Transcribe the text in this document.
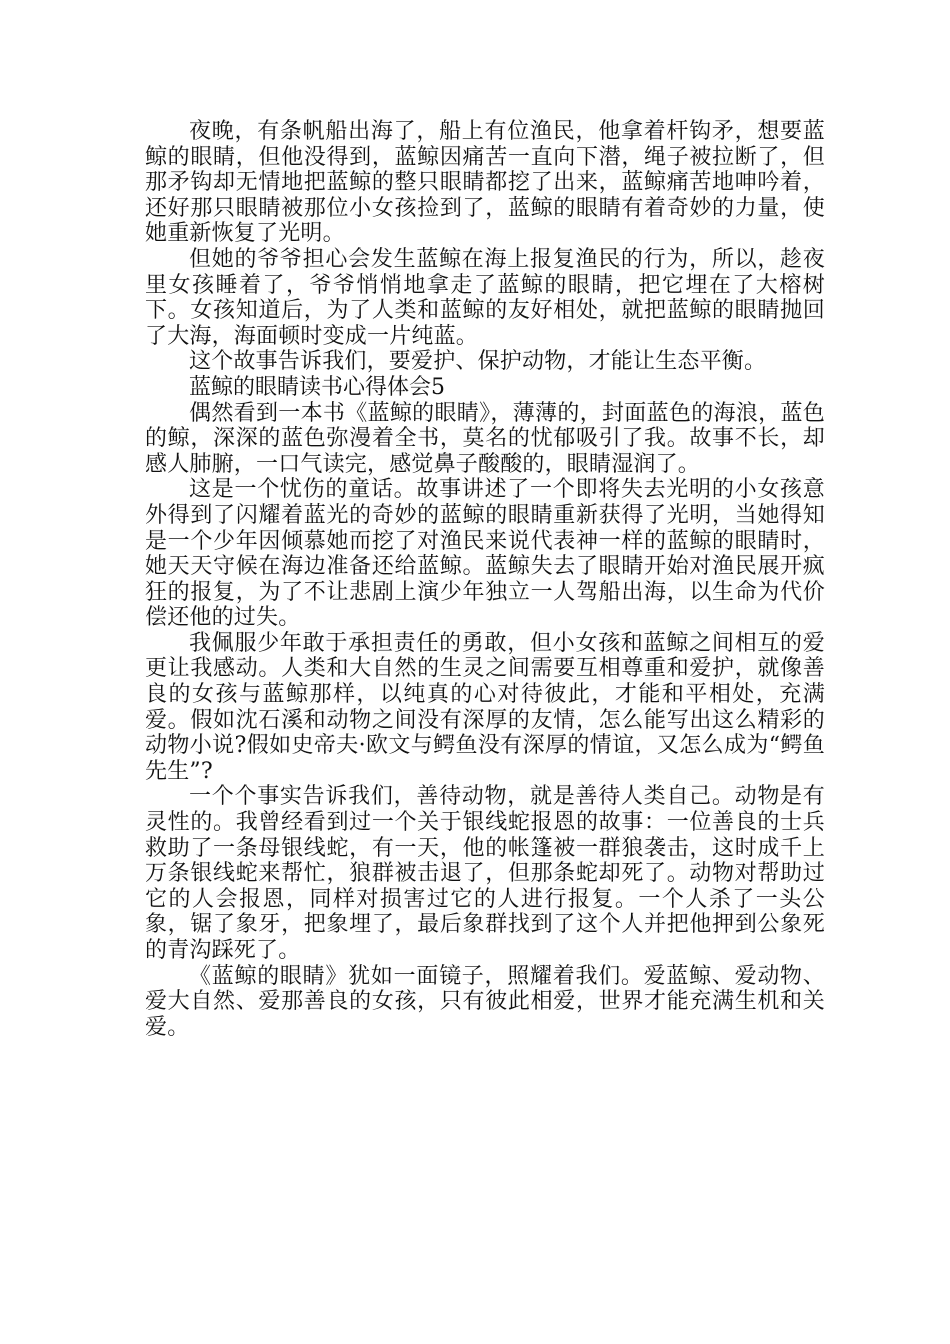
夜晚，有条帆船出海了，船上有位渔民，他拿着杆钩矛，想要蓝鲸的眼睛，但他没得到，蓝鲸因痛苦一直向下潜，绳子被拉断了，但那矛钩却无情地把蓝鲸的整只眼睛都挖了出来，蓝鲸痛苦地呻吟着，还好那只眼睛被那位小女孩捡到了，蓝鲸的眼睛有着奇妙的力量，使她重新恢复了光明。

但她的爷爷担心会发生蓝鲸在海上报复渔民的行为，所以，趁夜里女孩睡着了，爷爷悄悄地拿走了蓝鲸的眼睛，把它埋在了大榕树下。女孩知道后，为了人类和蓝鲸的友好相处，就把蓝鲸的眼睛抛回了大海，海面顿时变成一片纯蓝。

这个故事告诉我们，要爱护、保护动物，才能让生态平衡。

蓝鲸的眼睛读书心得体会5

偶然看到一本书《蓝鲸的眼睛》，薄薄的，封面蓝色的海浪，蓝色的鲸，深深的蓝色弥漫着全书，莫名的忧郁吸引了我。故事不长，却感人肺腑，一口气读完，感觉鼻子酸酸的，眼睛湿润了。

这是一个忧伤的童话。故事讲述了一个即将失去光明的小女孩意外得到了闪耀着蓝光的奇妙的蓝鲸的眼睛重新获得了光明，当她得知是一个少年因倾慕她而挖了对渔民来说代表神一样的蓝鲸的眼睛时，她天天守候在海边准备还给蓝鲸。蓝鲸失去了眼睛开始对渔民展开疯狂的报复，为了不让悲剧上演少年独立一人驾船出海，以生命为代价偿还他的过失。

我佩服少年敢于承担责任的勇敢，但小女孩和蓝鲸之间相互的爱更让我感动。人类和大自然的生灵之间需要互相尊重和爱护，就像善良的女孩与蓝鲸那样，以纯真的心对待彼此，才能和平相处，充满爱。假如沈石溪和动物之间没有深厚的友情，怎么能写出这么精彩的动物小说?假如史帝夫·欧文与鳄鱼没有深厚的情谊，又怎么成为“鳄鱼先生”?

一个个事实告诉我们，善待动物，就是善待人类自己。动物是有灵性的。我曾经看到过一个关于银线蛇报恩的故事：一位善良的士兵救助了一条母银线蛇，有一天，他的帐篷被一群狼袭击，这时成千上万条银线蛇来帮忙，狼群被击退了，但那条蛇却死了。动物对帮助过它的人会报恩，同样对损害过它的人进行报复。一个人杀了一头公象，锯了象牙，把象埋了，最后象群找到了这个人并把他押到公象死的青沟踩死了。

《蓝鲸的眼睛》犹如一面镜子，照耀着我们。爱蓝鲸、爱动物、爱大自然、爱那善良的女孩，只有彼此相爱，世界才能充满生机和关爱。
